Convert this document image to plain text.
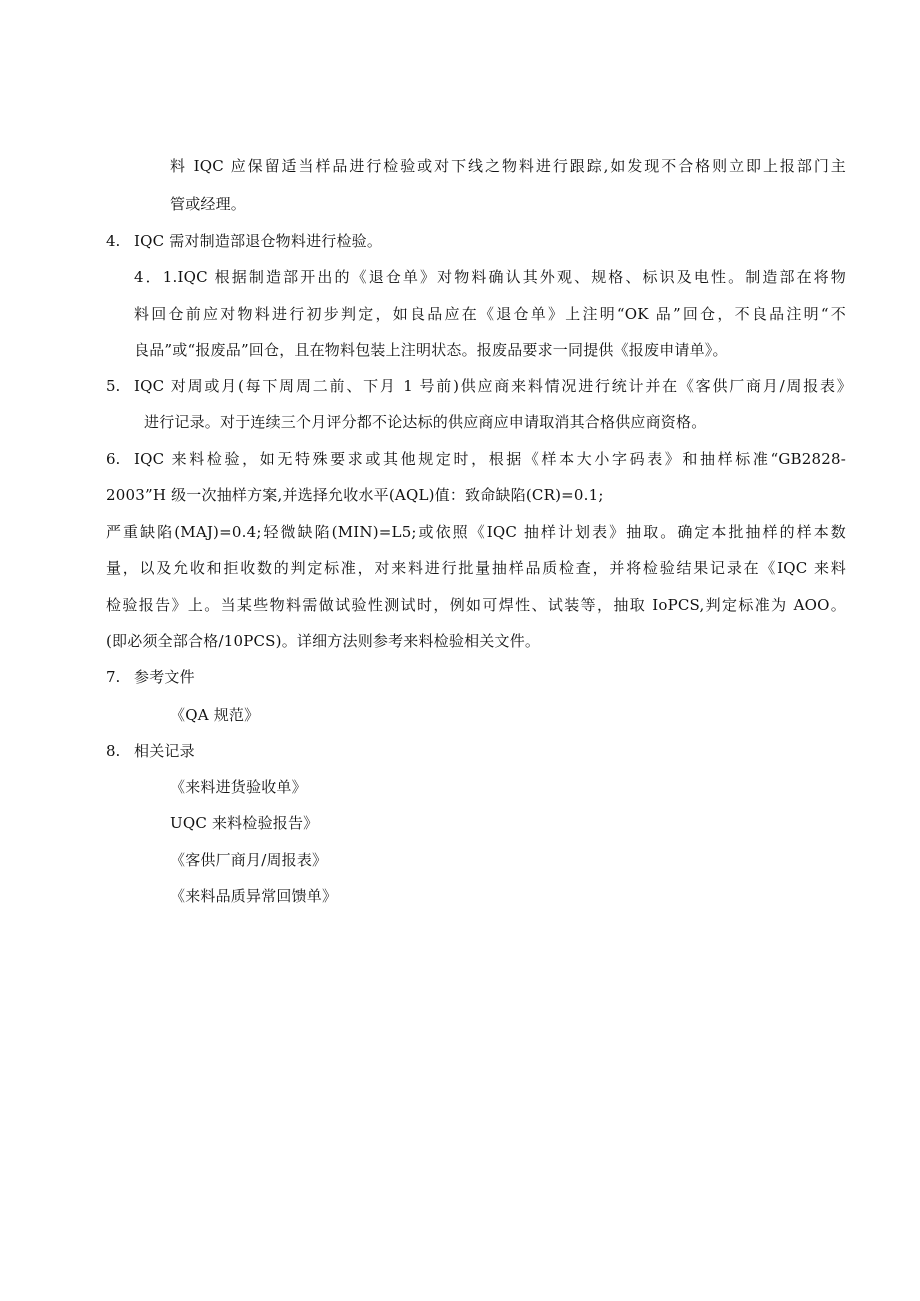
料 IQC 应保留适当样品进行检验或对下线之物料进行跟踪,如发现不合格则立即上报部门主
管或经理。
4. IQC 需对制造部退仓物料进行检验。
4．1.IQC 根据制造部开出的《退仓单》对物料确认其外观、规格、标识及电性。制造部在将物
料回仓前应对物料进行初步判定，如良品应在《退仓单》上注明“OK 品”回仓，不良品注明“不
良品”或“报废品”回仓，且在物料包装上注明状态。报废品要求一同提供《报废申请单》。
5. IQC 对周或月(每下周周二前、下月 1 号前)供应商来料情况进行统计并在《客供厂商月/周报表》
进行记录。对于连续三个月评分都不论达标的供应商应申请取消其合格供应商资格。
6. IQC 来料检验，如无特殊要求或其他规定时，根据《样本大小字码表》和抽样标准“GB2828-
2003”H 级一次抽样方案,并选择允收水平(AQL)值：致命缺陷(CR)=0.1;
严重缺陷(MAJ)=0.4;轻微缺陷(MIN)=L5;或依照《IQC 抽样计划表》抽取。确定本批抽样的样本数
量，以及允收和拒收数的判定标准，对来料进行批量抽样品质检查，并将检验结果记录在《IQC 来料
检验报告》上。当某些物料需做试验性测试时，例如可焊性、试装等，抽取 IoPCS,判定标准为 AOO。
(即必须全部合格/10PCS)。详细方法则参考来料检验相关文件。
7. 参考文件
《QA 规范》
8. 相关记录
《来料进货验收单》
UQC 来料检验报告》
《客供厂商月/周报表》
《来料品质异常回馈单》
